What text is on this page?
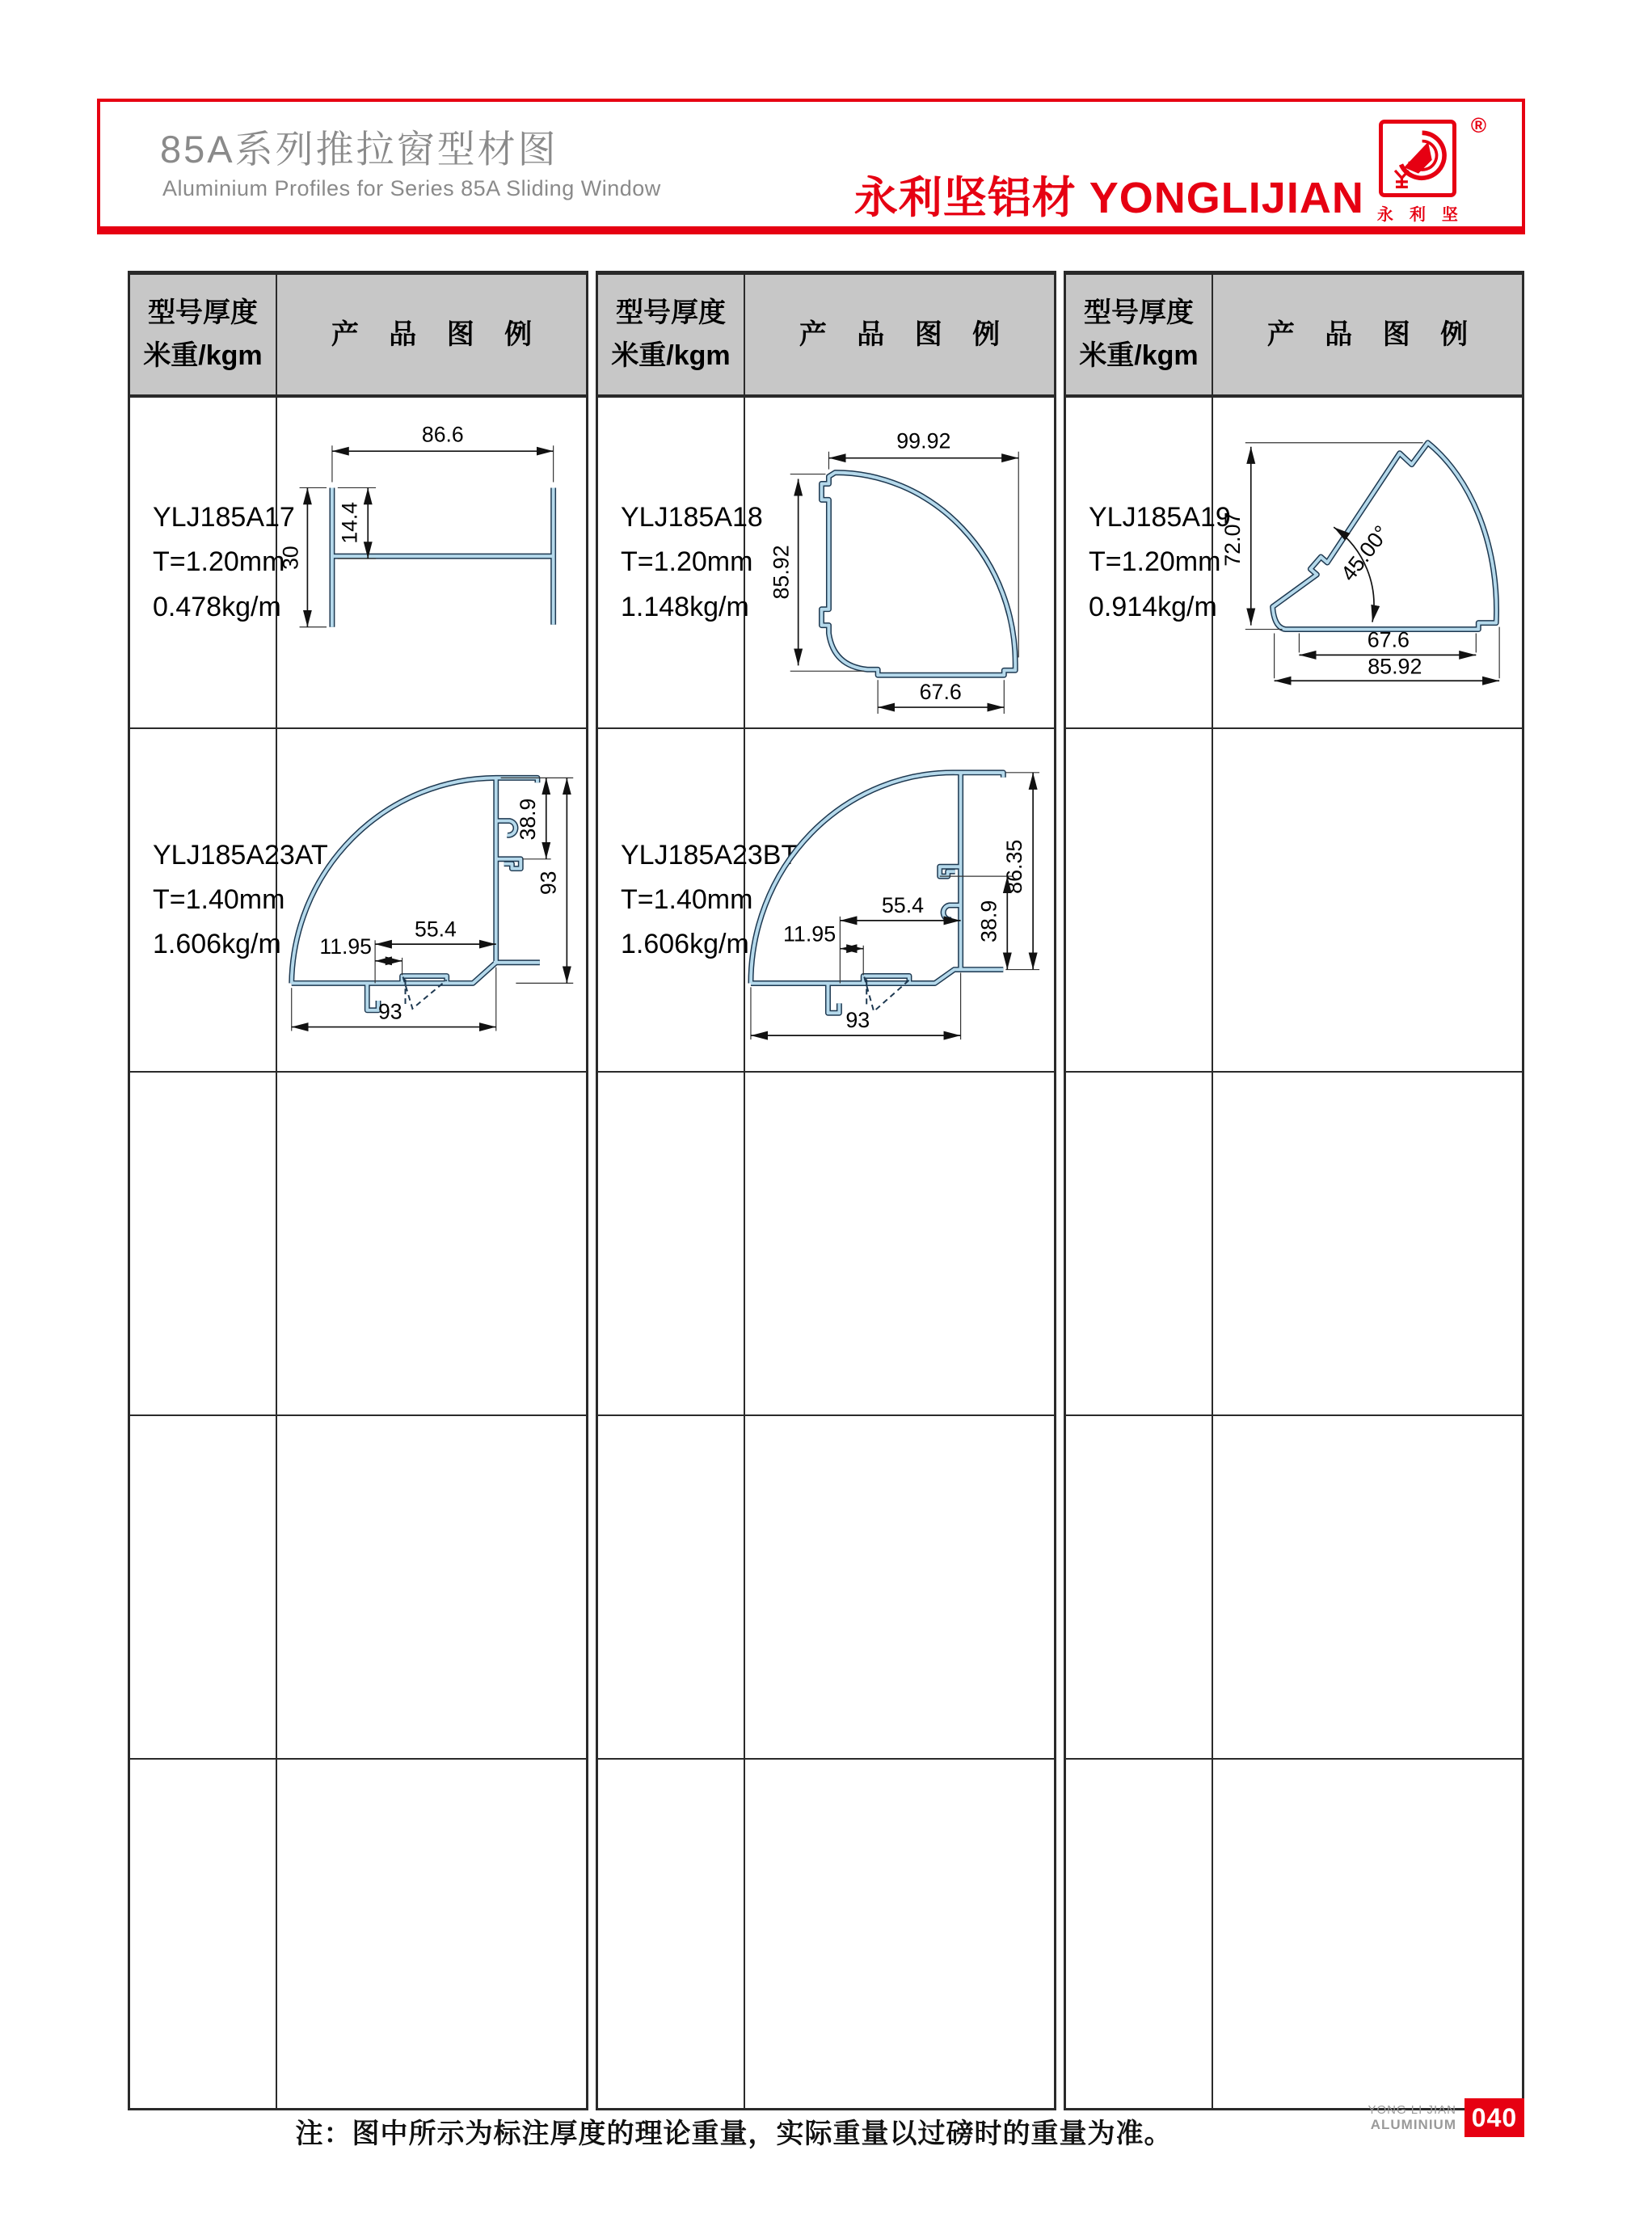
85A系列推拉窗型材图
Aluminium Profiles for Series 85A Sliding Window	永利坚铝材 YONGLIJIAN 永 利 坚
®
型号厚度
米重/kgm
产 品 图 例
YLJ185A17
T=1.20mm
0.478kg/m
86.6
30
14.4
YLJ185A23AT
T=1.40mm
1.606kg/m
38.9
93
55.4
11.95
93
型号厚度
米重/kgm
产 品 图 例
YLJ185A18
T=1.20mm
1.148kg/m
99.92
85.92
67.6
YLJ185A23BT
T=1.40mm
1.606kg/m
86.35
38.9
55.4
11.95
93
型号厚度
米重/kgm
产 品 图 例
YLJ185A19
T=1.20mm
0.914kg/m
72.07	45.00°
67.6
85.92
注：图中所示为标注厚度的理论重量，实际重量以过磅时的重量为准。
YONG LI JIAN
ALUMINIUM 040
